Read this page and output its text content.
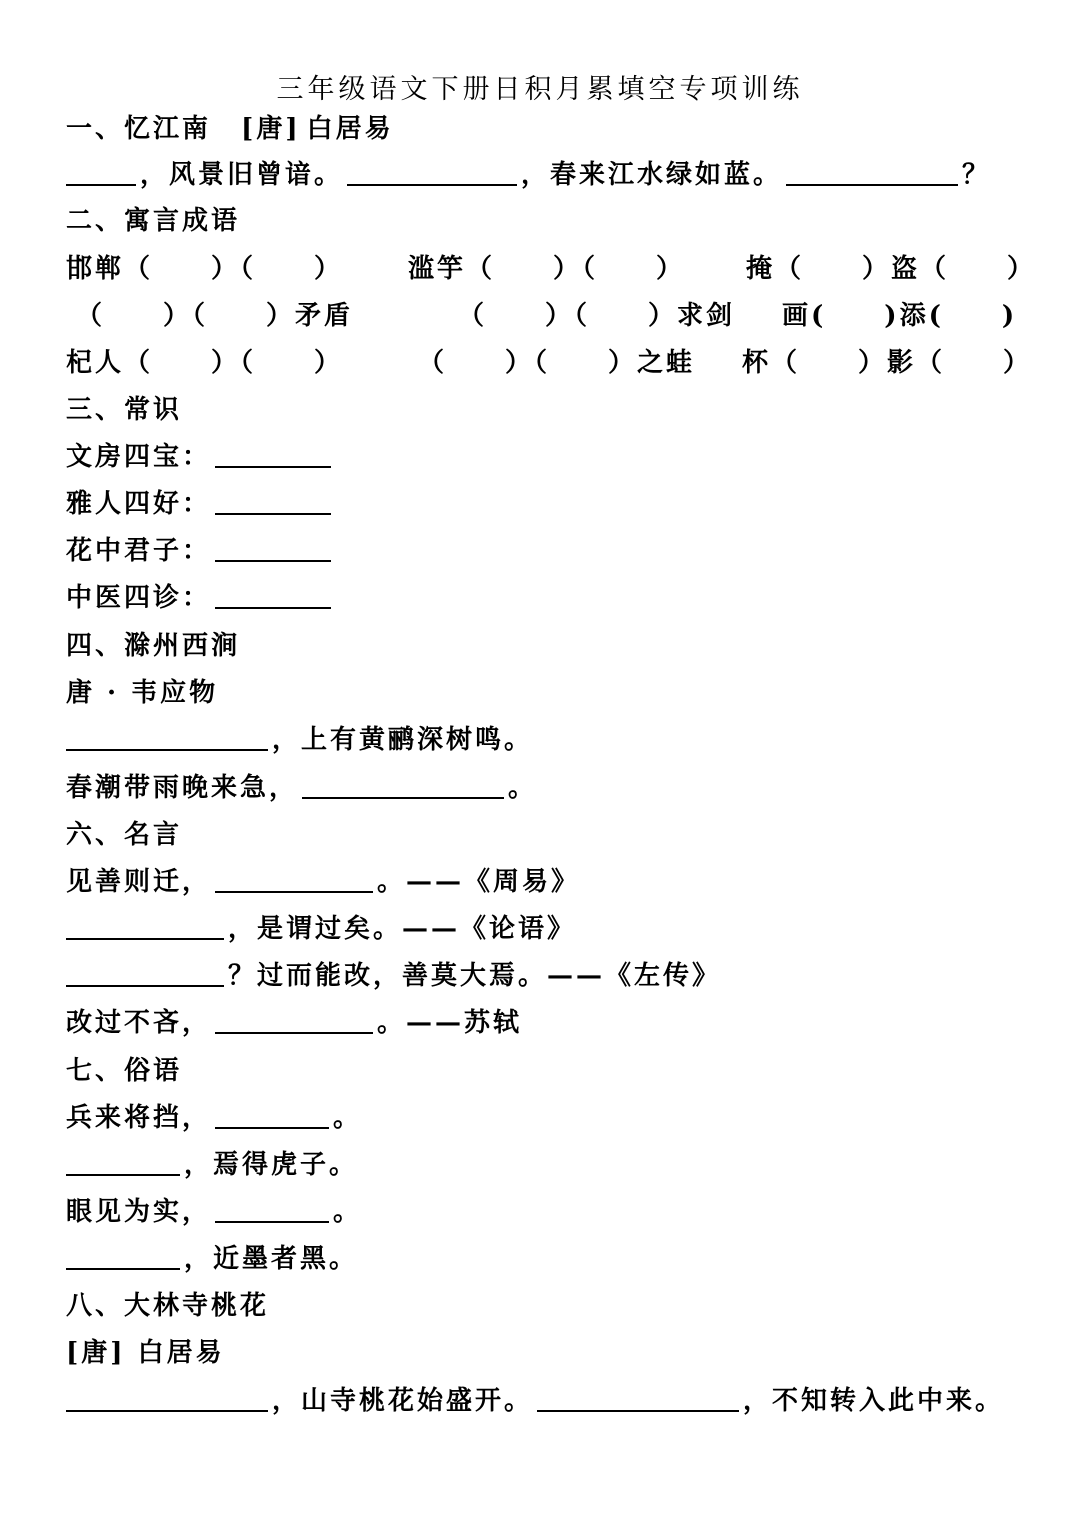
三年级语文下册日积月累填空专项训练
一、 忆江南 [唐] 白居易
，风景旧曾谙。	，春来江水绿如蓝。	？
二、寓言成语
邯郸（　　）（　　） 滥竽（　　）（　　） 掩（　　）盗（　　）
（　　）（　　）矛盾	（　　）（　　）求剑 画(　　)添(　　)
杞人（　　）（　　）	（　　）（　　）之蛙 杯（　　）影（　　）
三、常识
文房四宝：
雅人四好：
花中君子：
中医四诊：
四、滁州西涧
唐 · 韦应物
，上有黄鹂深树鸣。
春潮带雨晚来急，	。
六、名言
见善则迁，	。——《周易》
，是谓过矣。——《论语》
？过而能改，善莫大焉。——《左传》
改过不吝，	。——苏轼
七、俗语
兵来将挡，	。
，焉得虎子。
眼见为实，	。
，近墨者黑。
八、大林寺桃花
[唐] 白居易
，山寺桃花始盛开。	，不知转入此中来。
